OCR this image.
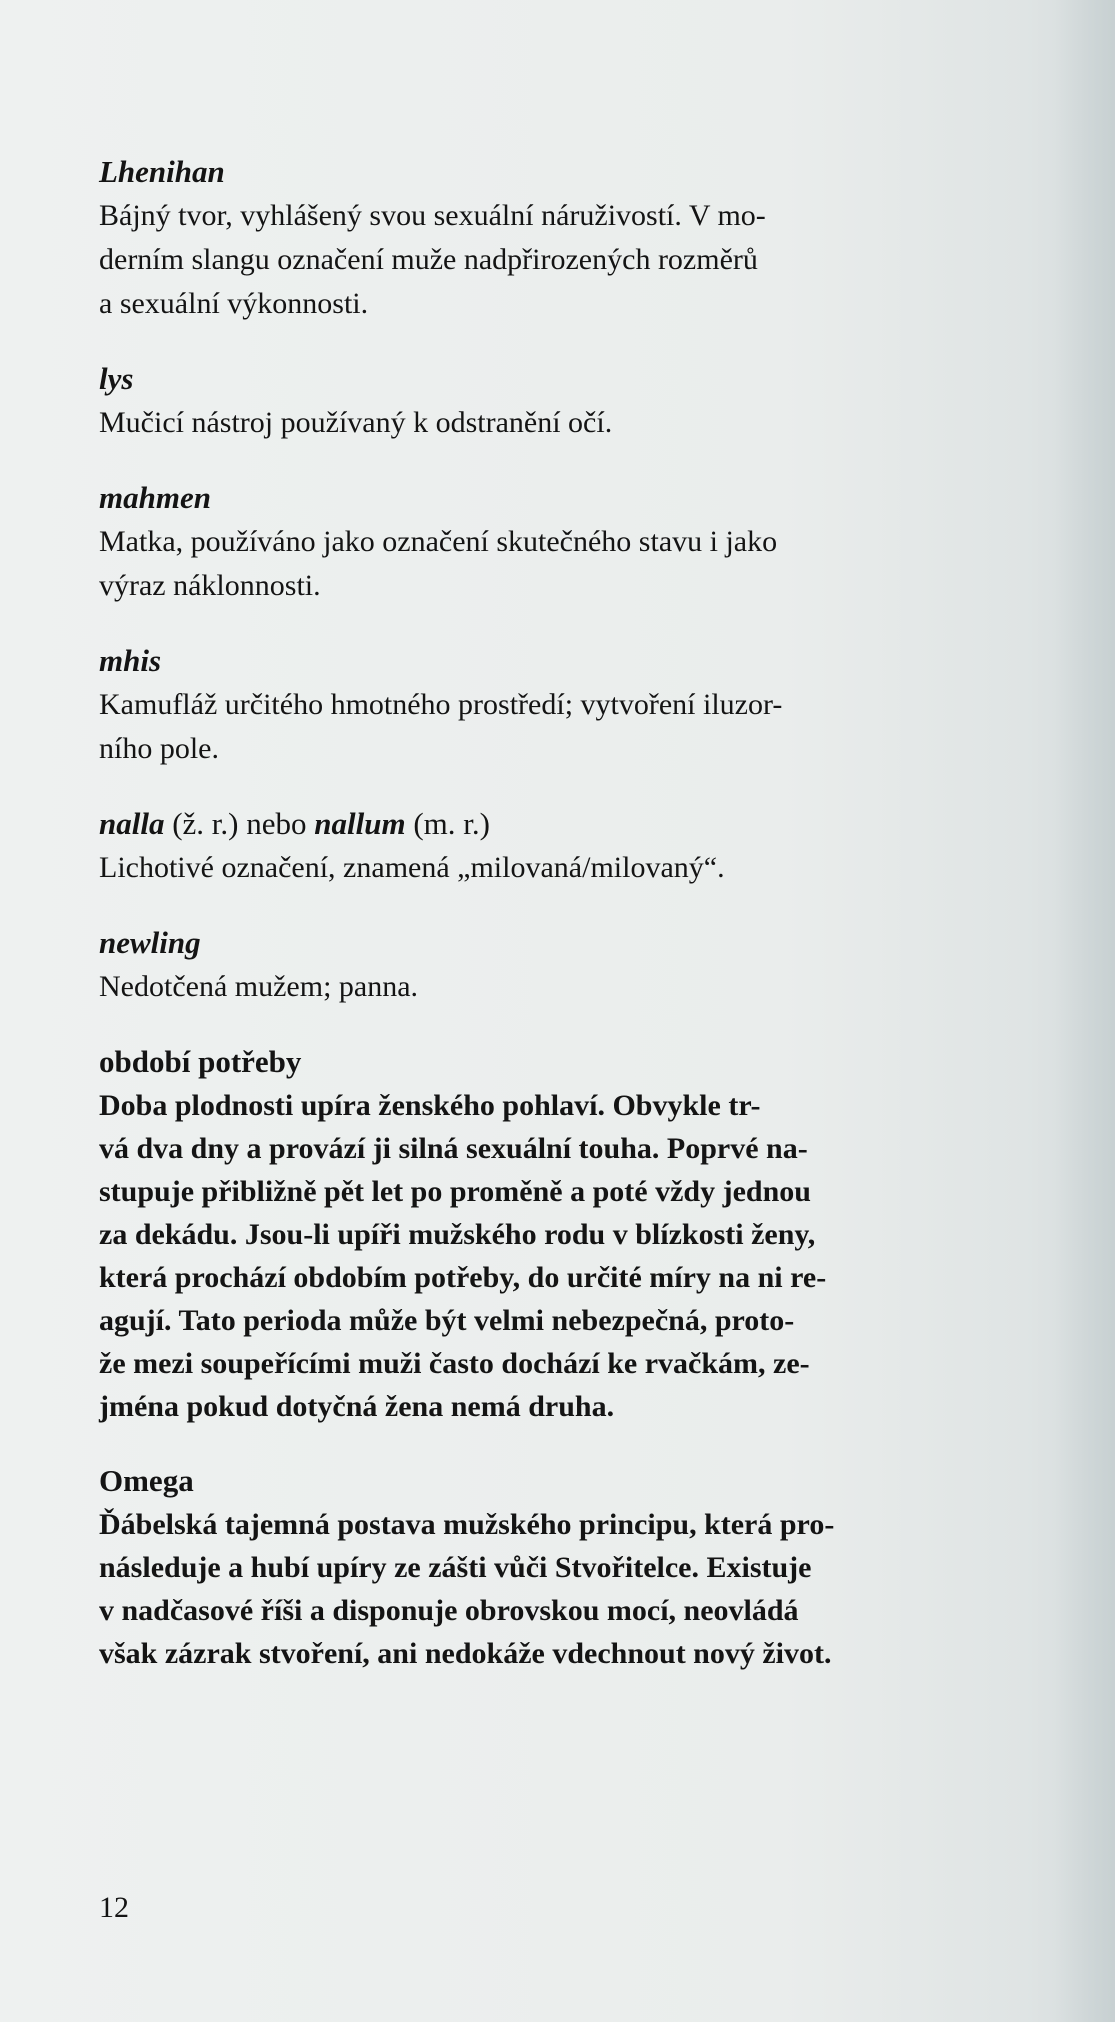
Lhenihan
Bájný tvor, vyhlášený svou sexuální náruživostí. V mo-
derním slangu označení muže nadpřirozených rozměrů
a sexuální výkonnosti.
lys
Mučicí nástroj používaný k odstranění očí.
mahmen
Matka, používáno jako označení skutečného stavu i jako
výraz náklonnosti.
mhis
Kamufláž určitého hmotného prostředí; vytvoření iluzor-
ního pole.
nalla (ž. r.) nebo nallum (m. r.)
Lichotivé označení, znamená „milovaná/milovaný“.
newling
Nedotčená mužem; panna.
období potřeby
Doba plodnosti upíra ženského pohlaví. Obvykle tr-
vá dva dny a provází ji silná sexuální touha. Poprvé na-
stupuje přibližně pět let po proměně a poté vždy jednou
za dekádu. Jsou-li upíři mužského rodu v blízkosti ženy,
která prochází obdobím potřeby, do určité míry na ni re-
agují. Tato perioda může být velmi nebezpečná, proto-
že mezi soupeřícími muži často dochází ke rvačkám, ze-
jména pokud dotyčná žena nemá druha.
Omega
Ďábelská tajemná postava mužského principu, která pro-
následuje a hubí upíry ze zášti vůči Stvořitelce. Existuje
v nadčasové říši a disponuje obrovskou mocí, neovládá
však zázrak stvoření, ani nedokáže vdechnout nový život.
12
